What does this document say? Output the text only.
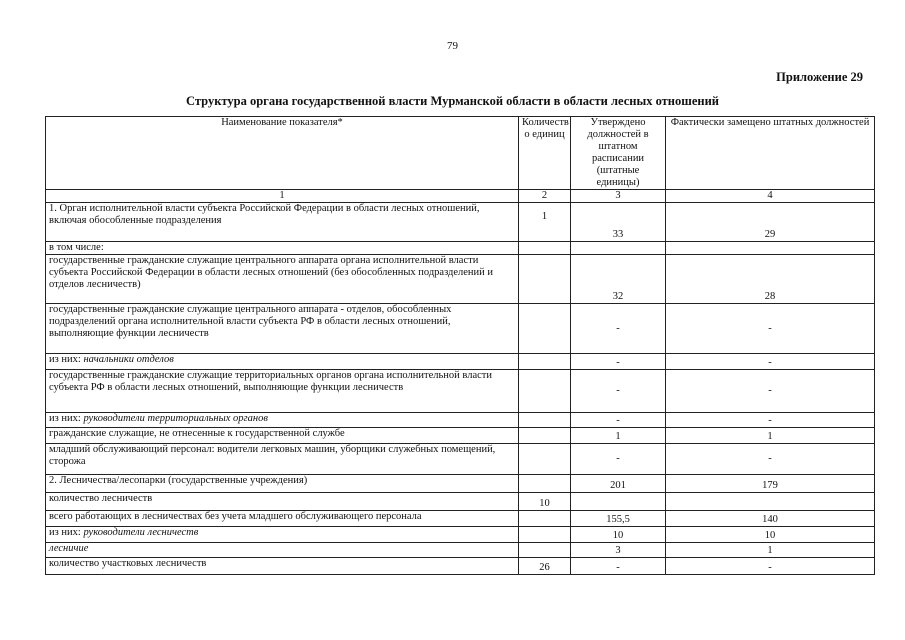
79
Приложение 29
Структура органа государственной власти Мурманской области в области лесных отношений
Наименование показателя*	Количеств о единиц	Утверждено должностей в штатном расписании (штатные единицы)	Фактически замещено штатных должностей
1	2	3	4
1. Орган исполнительной власти субъекта Российской Федерации в области лесных отношений, включая обособленные подразделения	1	33	29
в том числе:			
государственные гражданские служащие центрального аппарата органа исполнительной власти субъекта Российской Федерации в области лесных отношений (без обособленных подразделений и отделов лесничеств)		32	28
государственные гражданские служащие центрального аппарата - отделов, обособленных подразделений органа исполнительной власти субъекта РФ в области лесных отношений, выполняющие функции лесничеств		-	-
из них: начальники отделов		-	-
государственные гражданские служащие территориальных органов органа исполнительной власти субъекта РФ в области лесных отношений, выполняющие функции лесничеств		-	-
из них: руководители территориальных органов		-	-
гражданские служащие, не отнесенные к государственной службе		1	1
младший обслуживающий персонал: водители легковых машин, уборщики служебных помещений, сторожа		-	-
2. Лесничества/лесопарки (государственные учреждения)		201	179
количество лесничеств	10		
всего работающих в лесничествах без учета младшего обслуживающего персонала		155,5	140
из них: руководители лесничеств		10	10
лесничие		3	1
количество участковых лесничеств	26	-	-
